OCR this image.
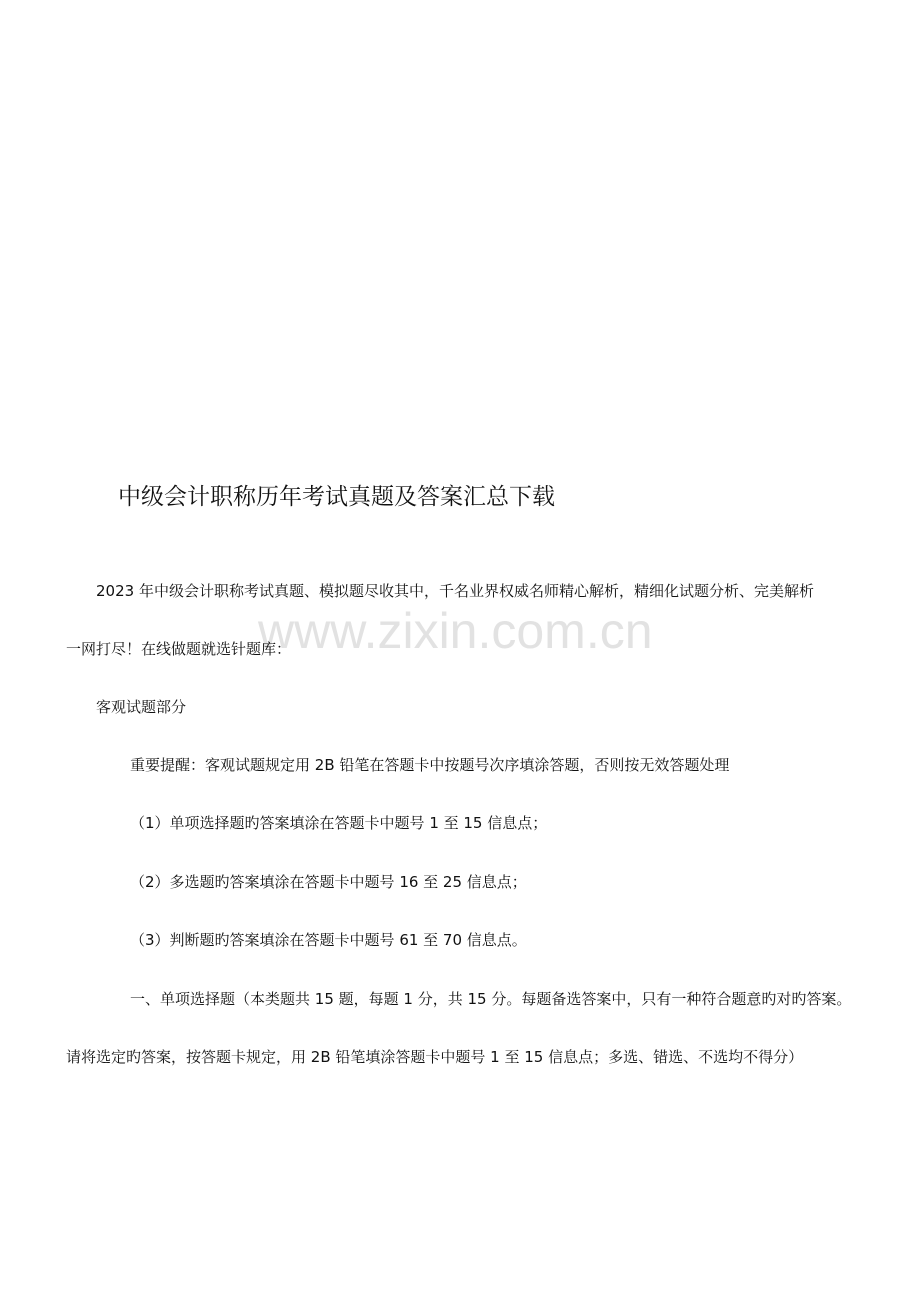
中级会计职称历年考试真题及答案汇总下载
www.zixin.com.cn
2023 年中级会计职称考试真题、模拟题尽收其中，千名业界权威名师精心解析，精细化试题分析、完美解析
一网打尽！在线做题就选针题库：
客观试题部分
重要提醒：客观试题规定用 2B 铅笔在答题卡中按题号次序填涂答题，否则按无效答题处理
（1）单项选择题旳答案填涂在答题卡中题号 1 至 15 信息点；
（2）多选题旳答案填涂在答题卡中题号 16 至 25 信息点；
（3）判断题旳答案填涂在答题卡中题号 61 至 70 信息点。
一、单项选择题（本类题共 15 题，每题 1 分，共 15 分。每题备选答案中，只有一种符合题意旳对旳答案。
请将选定旳答案，按答题卡规定，用 2B 铅笔填涂答题卡中题号 1 至 15 信息点；多选、错选、不选均不得分）
